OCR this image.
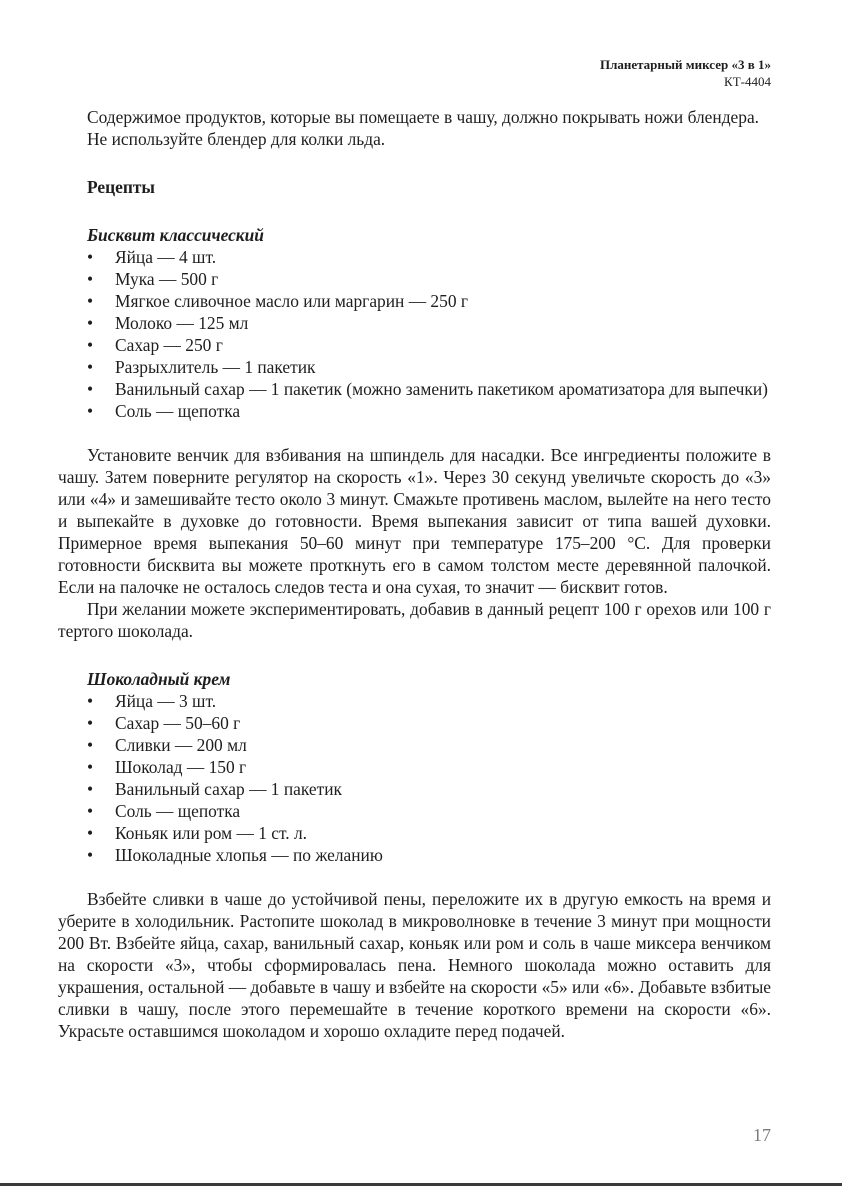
Планетарный миксер «3 в 1»
КТ-4404

Содержимое продуктов, которые вы помещаете в чашу, должно покрывать ножи блендера.

Не используйте блендер для колки льда.

Рецепты
Бисквит классический
• Яйца — 4 шт.
• Мука — 500 г
• Мягкое сливочное масло или маргарин — 250 г
• Молоко — 125 мл
• Сахар — 250 г
• Разрыхлитель — 1 пакетик
• Ванильный сахар — 1 пакетик (можно заменить пакетиком ароматизатора для выпечки)
• Соль — щепотка

Установите венчик для взбивания на шпиндель для насадки. Все ингредиенты положите в чашу. Затем поверните регулятор на скорость «1». Через 30 секунд увеличьте скорость до «3» или «4» и замешивайте тесто около 3 минут. Смажьте противень маслом, вылейте на него тесто и выпекайте в духовке до готовности. Время выпекания зависит от типа вашей духовки. Примерное время выпекания 50–60 минут при температуре 175–200 °С. Для проверки готовности бисквита вы можете проткнуть его в самом толстом месте деревянной палочкой. Если на палочке не осталось следов теста и она сухая, то значит — бисквит готов.

При желании можете экспериментировать, добавив в данный рецепт 100 г орехов или 100 г тертого шоколада.

Шоколадный крем
• Яйца — 3 шт.
• Сахар — 50–60 г
• Сливки — 200 мл
• Шоколад — 150 г
• Ванильный сахар — 1 пакетик
• Соль — щепотка
• Коньяк или ром — 1 ст. л.
• Шоколадные хлопья — по желанию

Взбейте сливки в чаше до устойчивой пены, переложите их в другую емкость на время и уберите в холодильник. Растопите шоколад в микроволновке в течение 3 минут при мощности 200 Вт. Взбейте яйца, сахар, ванильный сахар, коньяк или ром и соль в чаше миксера венчиком на скорости «3», чтобы сформировалась пена. Немного шоколада можно оставить для украшения, остальной — добавьте в чашу и взбейте на скорости «5» или «6». Добавьте взбитые сливки в чашу, после этого перемешайте в течение короткого времени на скорости «6». Украсьте оставшимся шоколадом и хорошо охладите перед подачей.

17
